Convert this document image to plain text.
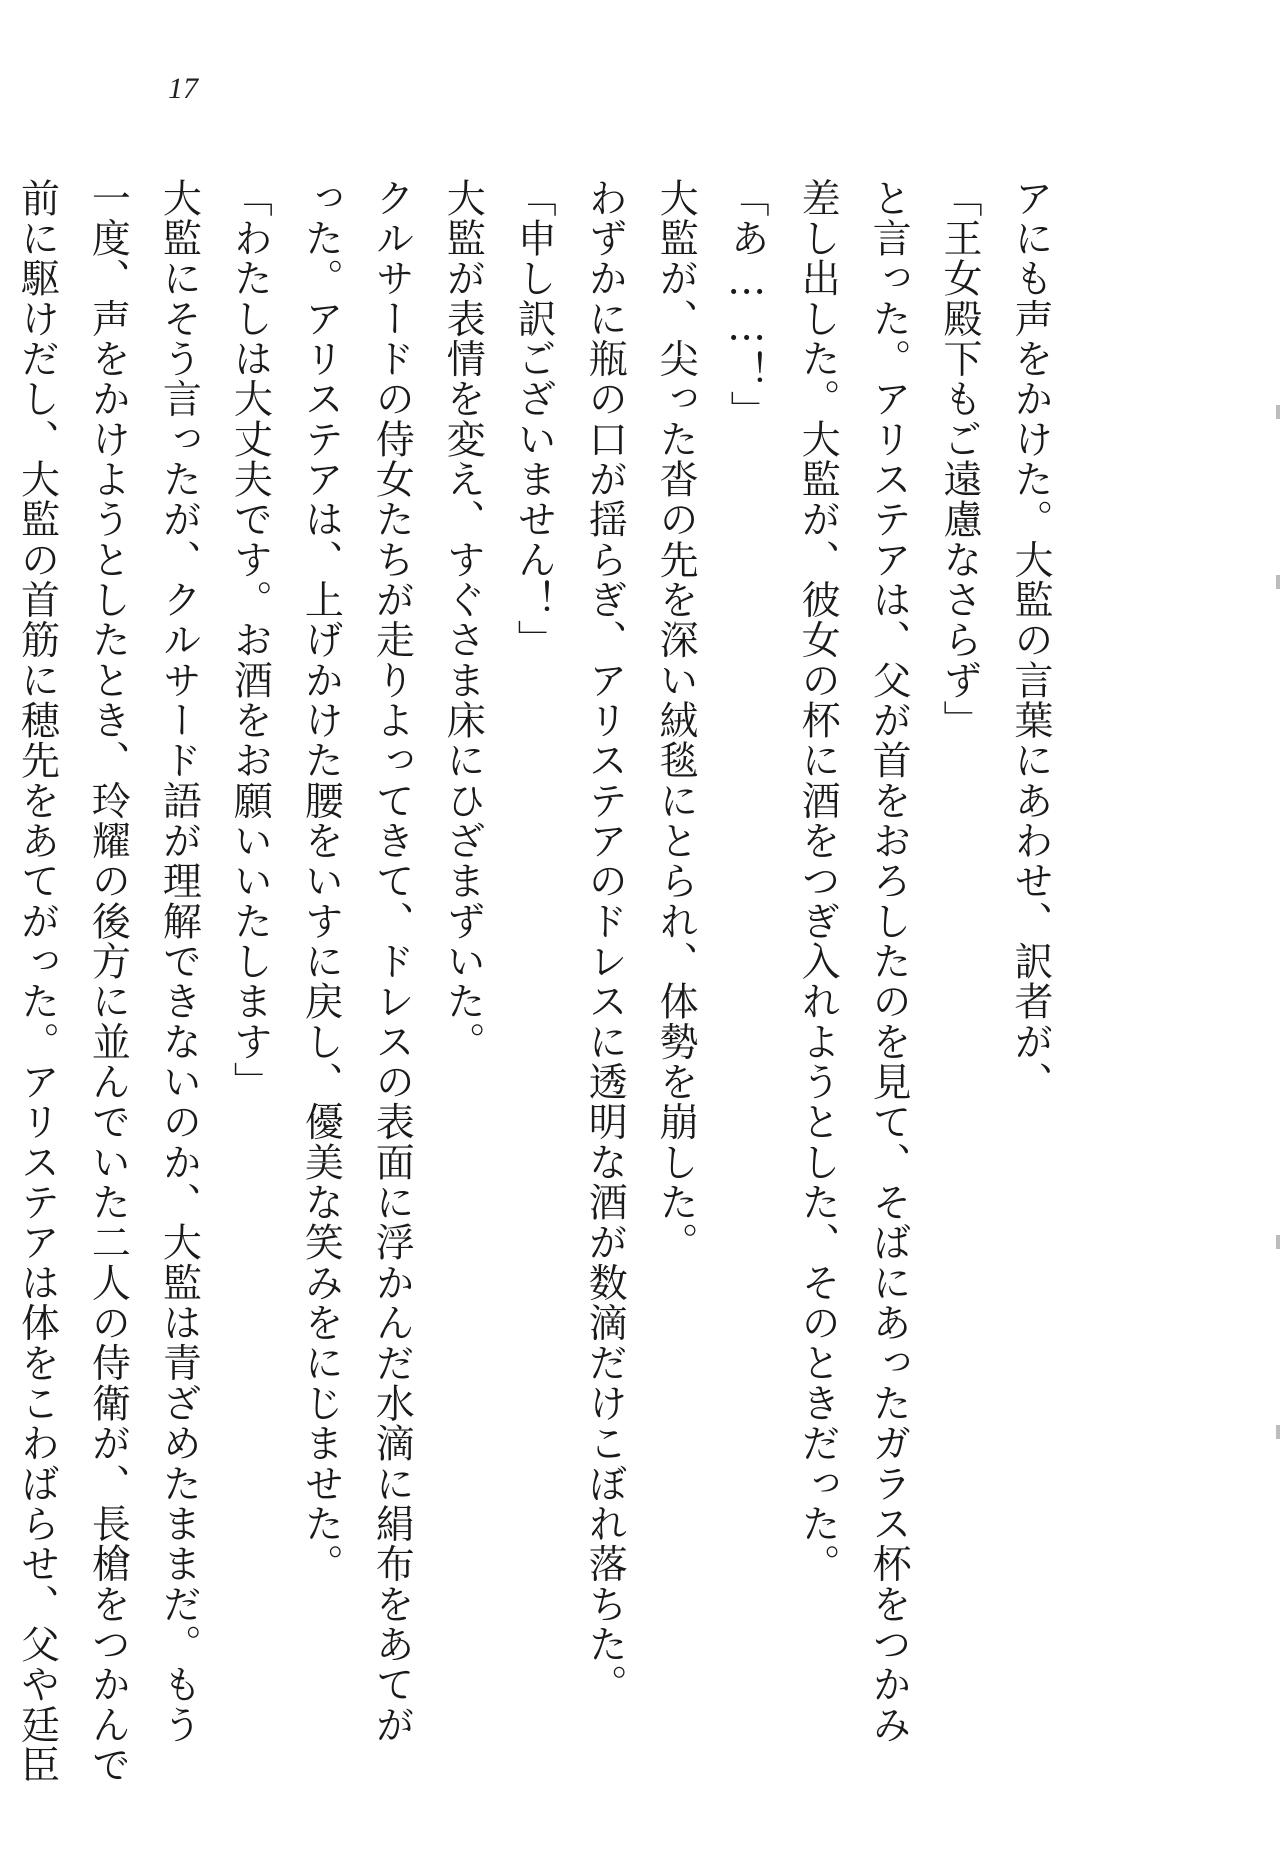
17
アにも声をかけた。大監の言葉にあわせ、訳者が、
「王女殿下もご遠慮なさらず」
と言った。アリステアは、父が首をおろしたのを見て、そばにあったガラス杯をつかみ
差し出した。大監が、彼女の杯に酒をつぎ入れようとした、そのときだった。
「あ……！」
大監が、尖った沓の先を深い絨毯にとられ、体勢を崩した。
わずかに瓶の口が揺らぎ、アリステアのドレスに透明な酒が数滴だけこぼれ落ちた。
「申し訳ございません！」
大監が表情を変え、すぐさま床にひざまずいた。
クルサードの侍女たちが走りよってきて、ドレスの表面に浮かんだ水滴に絹布をあてが
った。アリステアは、上げかけた腰をいすに戻し、優美な笑みをにじませた。
「わたしは大丈夫です。お酒をお願いいたします」
大監にそう言ったが、クルサード語が理解できないのか、大監は青ざめたままだ。もう
一度、声をかけようとしたとき、玲耀の後方に並んでいた二人の侍衛が、長槍をつかんで
前に駆けだし、大監の首筋に穂先をあてがった。アリステアは体をこわばらせ、父や廷臣
